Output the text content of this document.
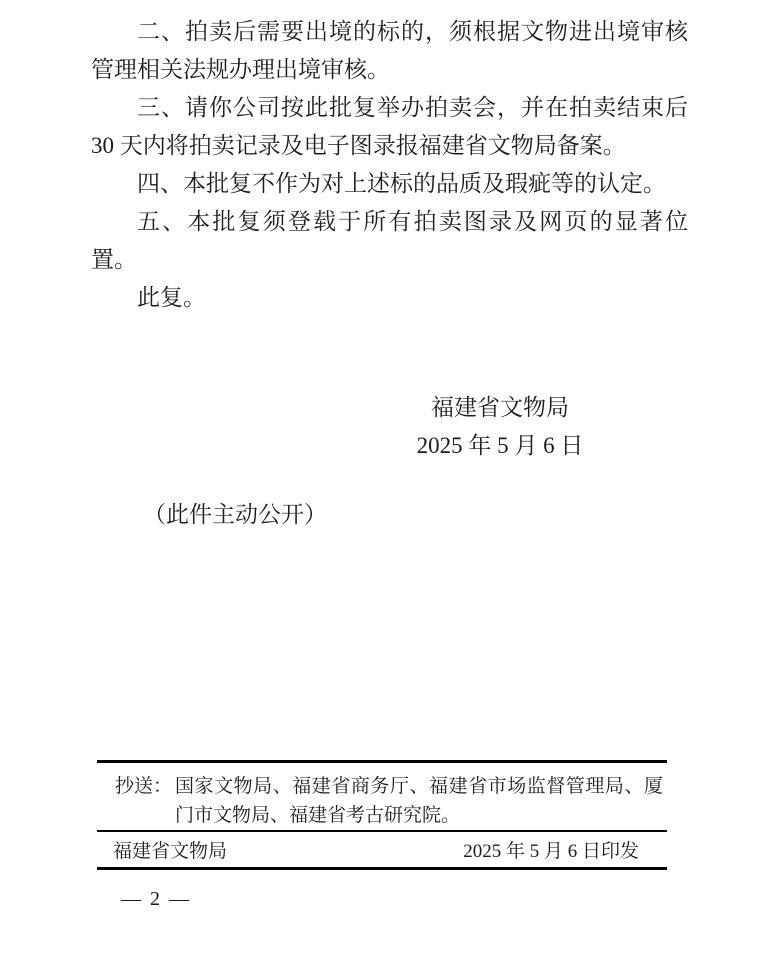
二、拍卖后需要出境的标的，须根据文物进出境审核管理相关法规办理出境审核。

三、请你公司按此批复举办拍卖会，并在拍卖结束后 30 天内将拍卖记录及电子图录报福建省文物局备案。

四、本批复不作为对上述标的品质及瑕疵等的认定。

五、本批复须登载于所有拍卖图录及网页的显著位置。

此复。

福建省文物局
2025 年 5 月 6 日
（此件主动公开）
抄送： 国家文物局、福建省商务厅、福建省市场监督管理局、厦门市文物局、福建省考古研究院。
福建省文物局	2025 年 5 月 6 日印发
— 2 —
